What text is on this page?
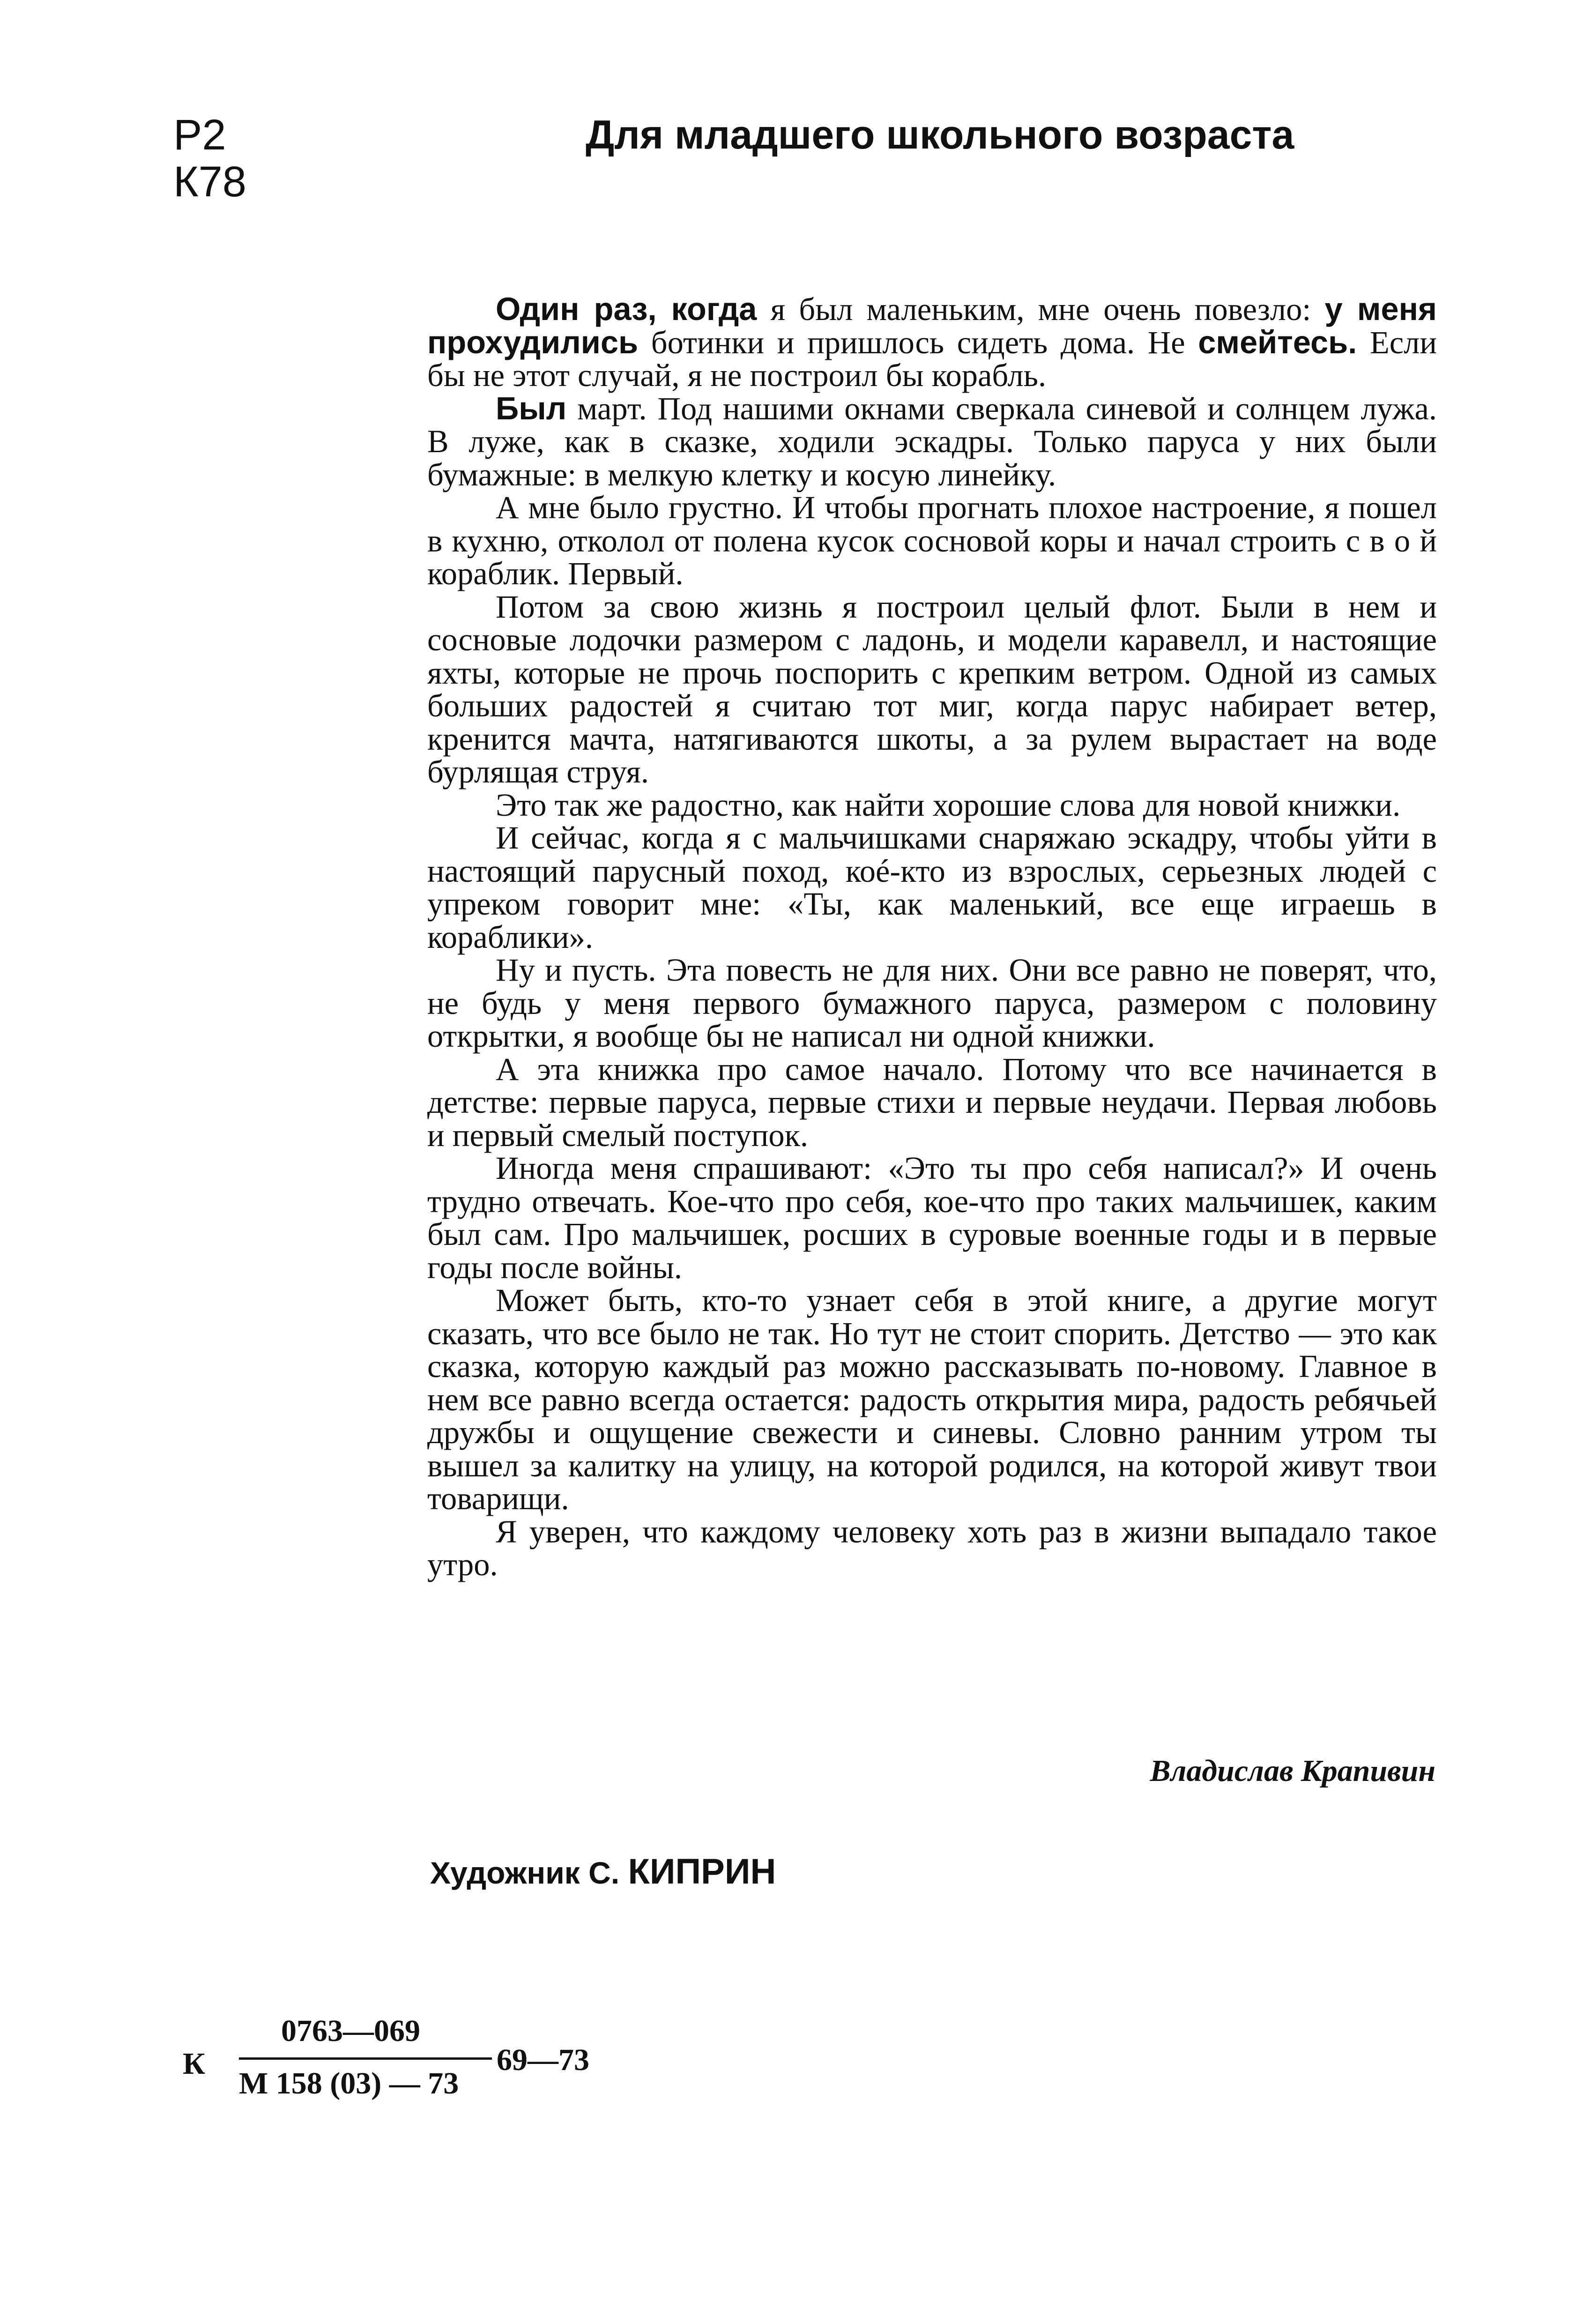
Р2
К78
Для младшего школьного возраста

Один раз, когда я был маленьким, мне очень повезло: у меня прохудились ботинки и пришлось сидеть дома. Не смейтесь. Если бы не этот случай, я не построил бы корабль.

Был март. Под нашими окнами сверкала синевой и солнцем лужа. В луже, как в сказке, ходили эскадры. Только паруса у них были бумажные: в мелкую клетку и косую линейку.

А мне было грустно. И чтобы прогнать плохое настроение, я пошел в кухню, отколол от полена кусок сосновой коры и начал строить с в о й кораблик. Первый.

Потом за свою жизнь я построил целый флот. Были в нем и сосновые лодочки размером с ладонь, и модели каравелл, и настоящие яхты, которые не прочь поспорить с крепким ветром. Одной из самых больших радостей я считаю тот миг, когда парус набирает ветер, кренится мачта, натягиваются шкоты, а за рулем вырастает на воде бурлящая струя.

Это так же радостно, как найти хорошие слова для новой книжки.

И сейчас, когда я с мальчишками снаряжаю эскадру, чтобы уйти в настоящий парусный поход, коé-кто из взрослых, серьезных людей с упреком говорит мне: «Ты, как маленький, все еще играешь в кораблики».

Ну и пусть. Эта повесть не для них. Они все равно не поверят, что, не будь у меня первого бумажного паруса, размером с половину открытки, я вообще бы не написал ни одной книжки.

А эта книжка про самое начало. Потому что все начинается в детстве: первые паруса, первые стихи и первые неудачи. Первая любовь и первый смелый поступок.

Иногда меня спрашивают: «Это ты про себя написал?» И очень трудно отвечать. Кое-что про себя, кое-что про таких мальчишек, каким был сам. Про мальчишек, росших в суровые военные годы и в первые годы после войны.

Может быть, кто-то узнает себя в этой книге, а другие могут сказать, что все было не так. Но тут не стоит спорить. Детство — это как сказка, которую каждый раз можно рассказывать по-новому. Главное в нем все равно всегда остается: радость открытия мира, радость ребячьей дружбы и ощущение свежести и синевы. Словно ранним утром ты вышел за калитку на улицу, на которой родился, на которой живут твои товарищи.

Я уверен, что каждому человеку хоть раз в жизни выпадало такое утро.

Владислав Крапивин
Художник С. КИПРИН
К
0763—069
М 158 (03) — 73
69—73
